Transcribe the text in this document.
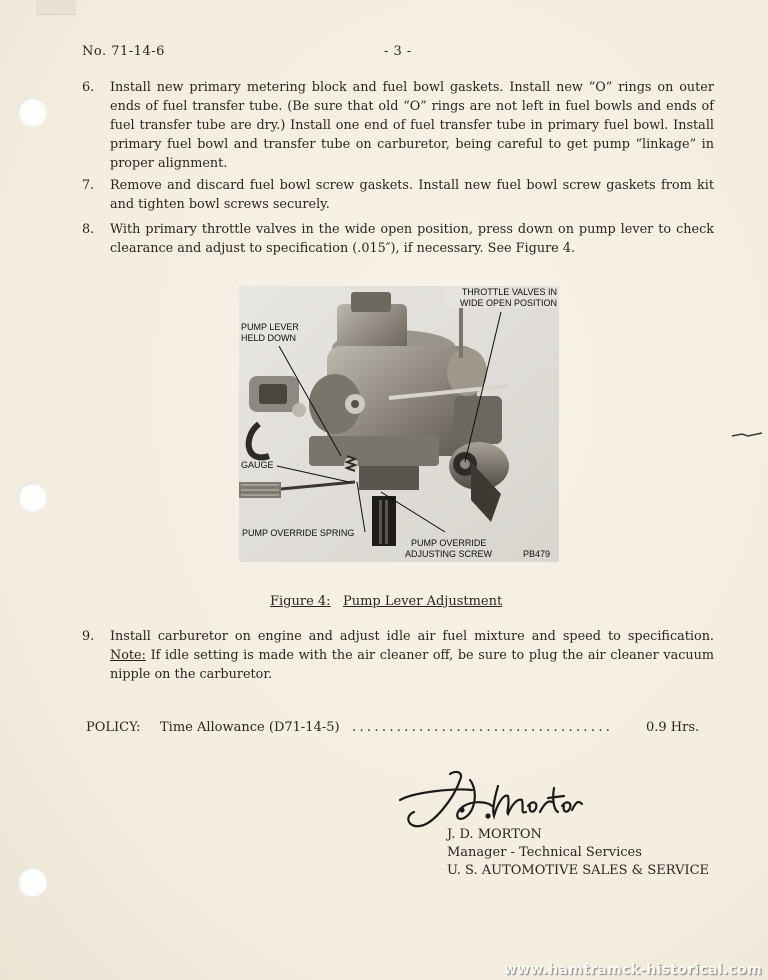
No. 71-14-6	- 3 -
6. Install new primary metering block and fuel bowl gaskets. Install new “O” rings on outer ends of fuel transfer tube. (Be sure that old “O” rings are not left in fuel bowls and ends of fuel transfer tube are dry.) Install one end of fuel transfer tube in primary fuel bowl. Install primary fuel bowl and transfer tube on carburetor, being careful to get pump “linkage” in proper alignment.
7. Remove and discard fuel bowl screw gaskets. Install new fuel bowl screw gaskets from kit and tighten bowl screws securely.
8. With primary throttle valves in the wide open position, press down on pump lever to check clearance and adjust to specification (.015″), if necessary. See Figure 4.
THROTTLE VALVES IN
WIDE OPEN POSITION
PUMP LEVER
HELD DOWN
GAUGE
PUMP OVERRIDE SPRING
PUMP OVERRIDE
ADJUSTING SCREW	PB479
Figure 4: Pump Lever Adjustment
9. Install carburetor on engine and adjust idle air fuel mixture and speed to specification. Note: If idle setting is made with the air cleaner off, be sure to plug the air cleaner vacuum nipple on the carburetor.
POLICY: Time Allowance (D71-14-5) . . . . . . . . . . . . . . . . . . . . . . . . . . . . . . . . . . .	0.9 Hrs.
J. D. Morton	J. D. MORTON
Manager - Technical Services
U. S. AUTOMOTIVE SALES & SERVICE
www.hamtramck-historical.com
